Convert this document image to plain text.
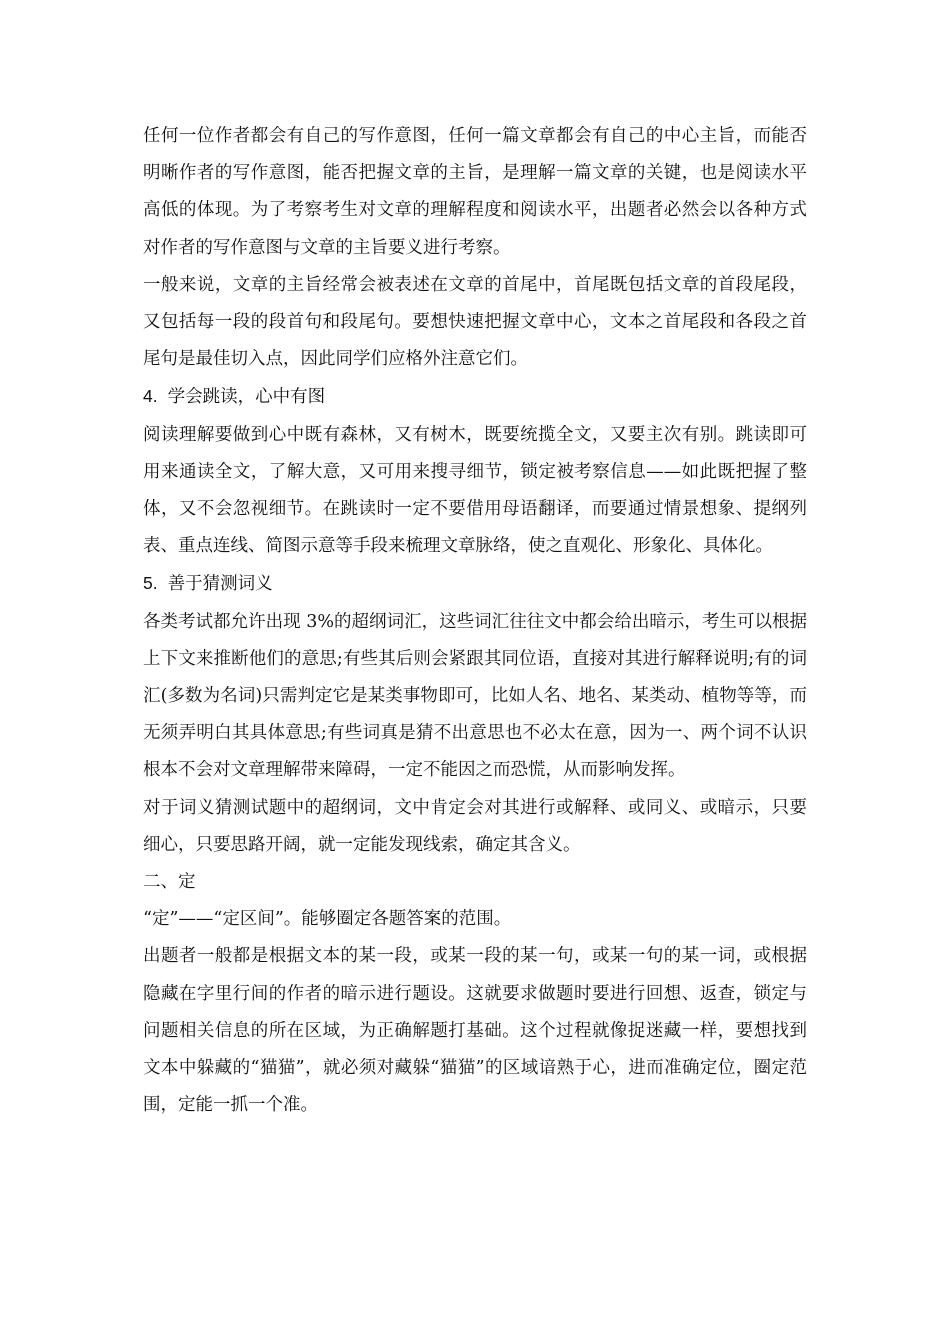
任何一位作者都会有自己的写作意图，任何一篇文章都会有自己的中心主旨，而能否明晰作者的写作意图，能否把握文章的主旨，是理解一篇文章的关键，也是阅读水平高低的体现。为了考察考生对文章的理解程度和阅读水平，出题者必然会以各种方式对作者的写作意图与文章的主旨要义进行考察。

一般来说，文章的主旨经常会被表述在文章的首尾中，首尾既包括文章的首段尾段，又包括每一段的段首句和段尾句。要想快速把握文章中心，文本之首尾段和各段之首尾句是最佳切入点，因此同学们应格外注意它们。

4. 学会跳读，心中有图

阅读理解要做到心中既有森林，又有树木，既要统揽全文，又要主次有别。跳读即可用来通读全文，了解大意，又可用来搜寻细节，锁定被考察信息——如此既把握了整体，又不会忽视细节。在跳读时一定不要借用母语翻译，而要通过情景想象、提纲列表、重点连线、简图示意等手段来梳理文章脉络，使之直观化、形象化、具体化。

5. 善于猜测词义

各类考试都允许出现 3%的超纲词汇，这些词汇往往文中都会给出暗示，考生可以根据上下文来推断他们的意思;有些其后则会紧跟其同位语，直接对其进行解释说明;有的词汇(多数为名词)只需判定它是某类事物即可，比如人名、地名、某类动、植物等等，而无须弄明白其具体意思;有些词真是猜不出意思也不必太在意，因为一、两个词不认识根本不会对文章理解带来障碍，一定不能因之而恐慌，从而影响发挥。

对于词义猜测试题中的超纲词，文中肯定会对其进行或解释、或同义、或暗示，只要细心，只要思路开阔，就一定能发现线索，确定其含义。

二、定

“定”——“定区间”。能够圈定各题答案的范围。

出题者一般都是根据文本的某一段，或某一段的某一句，或某一句的某一词，或根据隐藏在字里行间的作者的暗示进行题设。这就要求做题时要进行回想、返查，锁定与问题相关信息的所在区域，为正确解题打基础。这个过程就像捉迷藏一样，要想找到文本中躲藏的“猫猫”，就必须对藏躲“猫猫”的区域谙熟于心，进而准确定位，圈定范围，定能一抓一个准。
